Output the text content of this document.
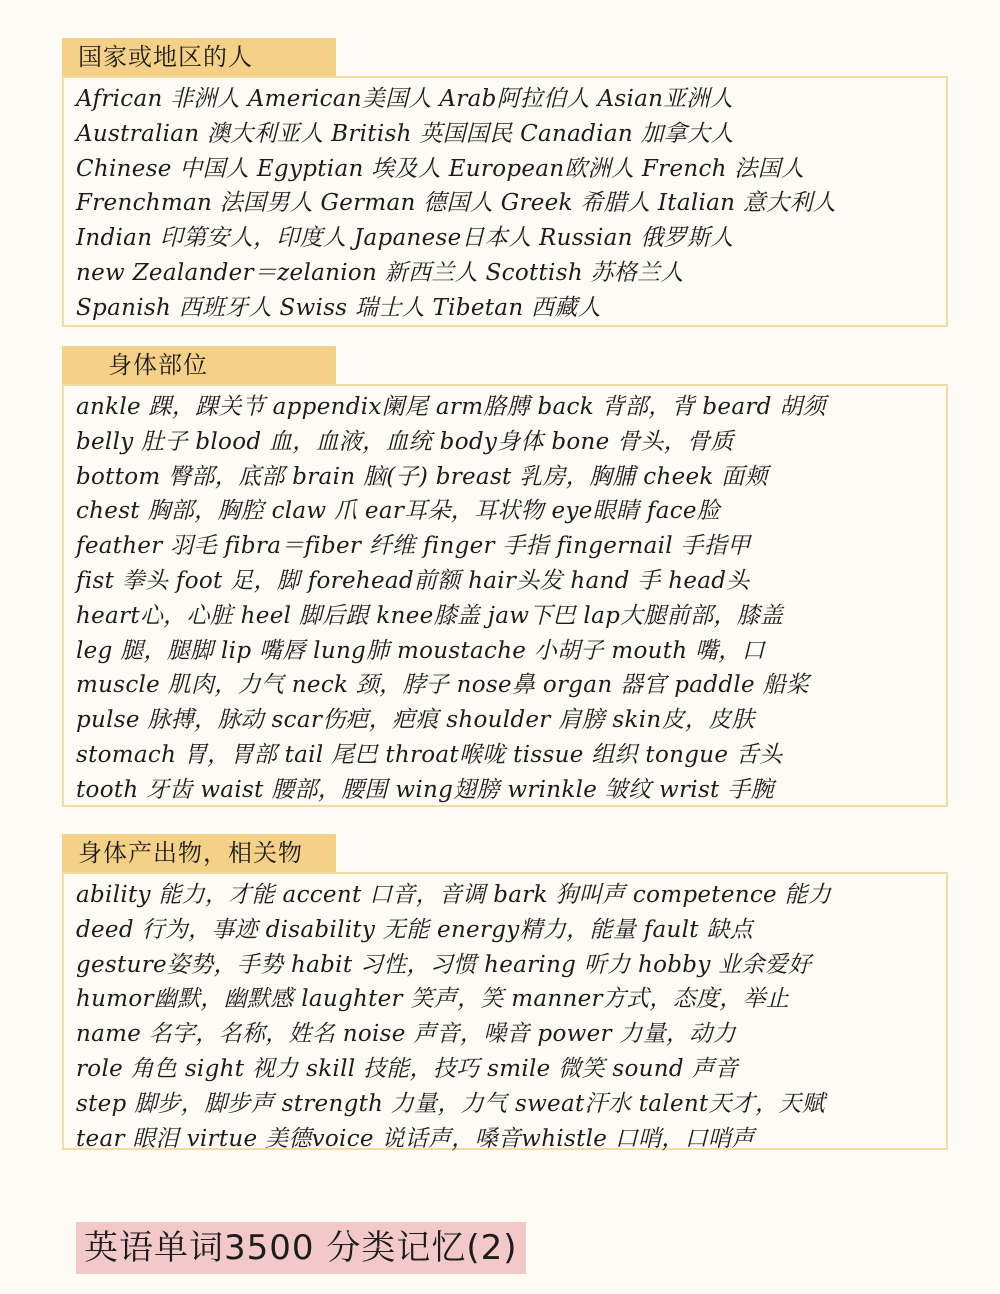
国家或地区的人
African 非洲人 American美国人 Arab阿拉伯人 Asian亚洲人
Australian 澳大利亚人 British 英国国民 Canadian 加拿大人
Chinese 中国人 Egyptian 埃及人 European欧洲人 French 法国人
Frenchman 法国男人 German 德国人 Greek 希腊人 Italian 意大利人
Indian 印第安人，印度人 Japanese日本人 Russian 俄罗斯人
new Zealander＝zelanion 新西兰人 Scottish 苏格兰人
Spanish 西班牙人 Swiss 瑞士人 Tibetan 西藏人
身体部位
ankle 踝，踝关节 appendix阑尾 arm胳膊 back 背部，背 beard 胡须
belly 肚子 blood 血，血液，血统 body身体 bone 骨头，骨质
bottom 臀部，底部 brain 脑(子) breast 乳房，胸脯 cheek 面颊
chest 胸部，胸腔 claw 爪 ear耳朵，耳状物 eye眼睛 face脸
feather 羽毛 fibra＝fiber 纤维 finger 手指 fingernail 手指甲
fist 拳头 foot 足，脚 forehead前额 hair头发 hand 手 head头
heart心，心脏 heel 脚后跟 knee膝盖 jaw下巴 lap大腿前部，膝盖
leg 腿，腿脚 lip 嘴唇 lung肺 moustache 小胡子 mouth 嘴，口
muscle 肌肉，力气 neck 颈，脖子 nose鼻 organ 器官 paddle 船桨
pulse 脉搏，脉动 scar伤疤，疤痕 shoulder 肩膀 skin皮，皮肤
stomach 胃，胃部 tail 尾巴 throat喉咙 tissue 组织 tongue 舌头
tooth 牙齿 waist 腰部，腰围 wing翅膀 wrinkle 皱纹 wrist 手腕
身体产出物，相关物
ability 能力，才能 accent 口音，音调 bark 狗叫声 competence 能力
deed 行为，事迹 disability 无能 energy精力，能量 fault 缺点
gesture姿势，手势 habit 习性，习惯 hearing 听力 hobby 业余爱好
humor幽默，幽默感 laughter 笑声，笑 manner方式，态度，举止
name 名字，名称，姓名 noise 声音，噪音 power 力量，动力
role 角色 sight 视力 skill 技能，技巧 smile 微笑 sound 声音
step 脚步，脚步声 strength 力量，力气 sweat汗水 talent天才，天赋
tear 眼泪 virtue 美德voice 说话声，嗓音whistle 口哨，口哨声
英语单词3500 分类记忆(2)
